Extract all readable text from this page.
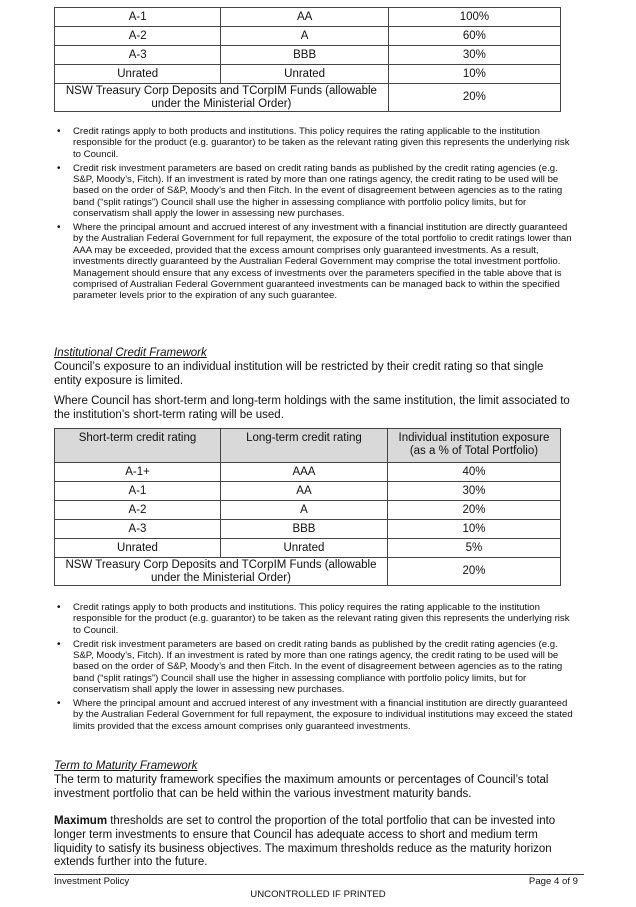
A-1	AA	100%
A-2	A	60%
A-3	BBB	30%
Unrated	Unrated	10%
NSW Treasury Corp Deposits and TCorpIM Funds (allowable under the Ministerial Order)		20%
• Credit ratings apply to both products and institutions. This policy requires the rating applicable to the institution responsible for the product (e.g. guarantor) to be taken as the relevant rating given this represents the underlying risk to Council.
• Credit risk investment parameters are based on credit rating bands as published by the credit rating agencies (e.g. S&P, Moody’s, Fitch). If an investment is rated by more than one ratings agency, the credit rating to be used will be based on the order of S&P, Moody’s and then Fitch. In the event of disagreement between agencies as to the rating band (“split ratings”) Council shall use the higher in assessing compliance with portfolio policy limits, but for conservatism shall apply the lower in assessing new purchases.
• Where the principal amount and accrued interest of any investment with a financial institution are directly guaranteed by the Australian Federal Government for full repayment, the exposure of the total portfolio to credit ratings lower than AAA may be exceeded, provided that the excess amount comprises only guaranteed investments. As a result, investments directly guaranteed by the Australian Federal Government may comprise the total investment portfolio. Management should ensure that any excess of investments over the parameters specified in the table above that is comprised of Australian Federal Government guaranteed investments can be managed back to within the specified parameter levels prior to the expiration of any such guarantee.
Institutional Credit Framework
Council’s exposure to an individual institution will be restricted by their credit rating so that single entity exposure is limited.
Where Council has short-term and long-term holdings with the same institution, the limit associated to the institution’s short-term rating will be used.
Short-term credit rating	Long-term credit rating	Individual institution exposure (as a % of Total Portfolio)
A-1+	AAA	40%
A-1	AA	30%
A-2	A	20%
A-3	BBB	10%
Unrated	Unrated	5%
NSW Treasury Corp Deposits and TCorpIM Funds (allowable under the Ministerial Order)		20%
• Credit ratings apply to both products and institutions. This policy requires the rating applicable to the institution responsible for the product (e.g. guarantor) to be taken as the relevant rating given this represents the underlying risk to Council.
• Credit risk investment parameters are based on credit rating bands as published by the credit rating agencies (e.g. S&P, Moody’s, Fitch). If an investment is rated by more than one ratings agency, the credit rating to be used will be based on the order of S&P, Moody’s and then Fitch. In the event of disagreement between agencies as to the rating band (“split ratings”) Council shall use the higher in assessing compliance with portfolio policy limits, but for conservatism shall apply the lower in assessing new purchases.
• Where the principal amount and accrued interest of any investment with a financial institution are directly guaranteed by the Australian Federal Government for full repayment, the exposure to individual institutions may exceed the stated limits provided that the excess amount comprises only guaranteed investments.
Term to Maturity Framework
The term to maturity framework specifies the maximum amounts or percentages of Council’s total investment portfolio that can be held within the various investment maturity bands.
Maximum thresholds are set to control the proportion of the total portfolio that can be invested into longer term investments to ensure that Council has adequate access to short and medium term liquidity to satisfy its business objectives. The maximum thresholds reduce as the maturity horizon extends further into the future.
Investment Policy	Page 4 of 9
UNCONTROLLED IF PRINTED
